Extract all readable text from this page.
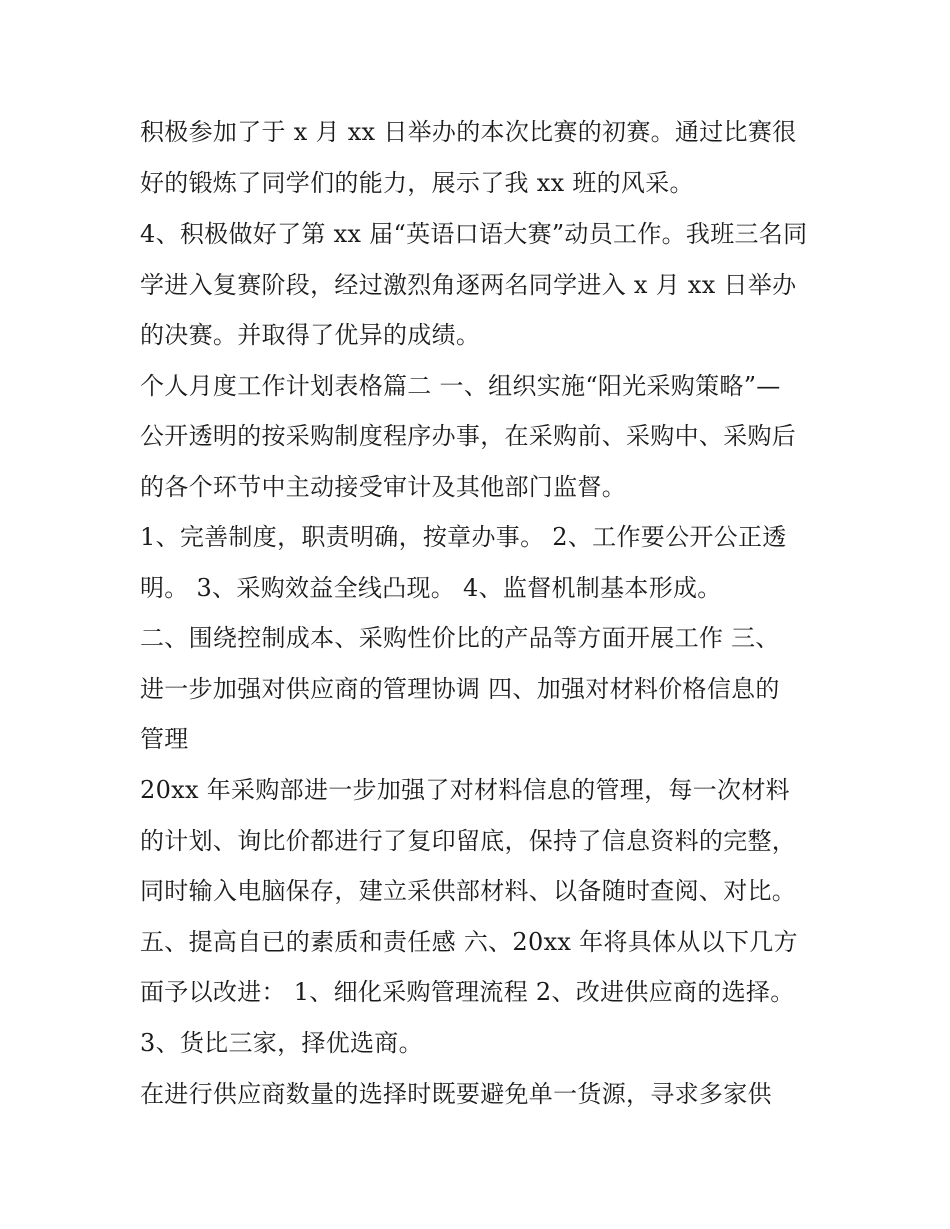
积极参加了于 x 月 xx 日举办的本次比赛的初赛。通过比赛很
好的锻炼了同学们的能力，展示了我 xx 班的风采。
4、积极做好了第 xx 届“英语口语大赛”动员工作。我班三名同
学进入复赛阶段，经过激烈角逐两名同学进入 x 月 xx 日举办
的决赛。并取得了优异的成绩。
个人月度工作计划表格篇二 一、组织实施“阳光采购策略”—
公开透明的按采购制度程序办事，在采购前、采购中、采购后
的各个环节中主动接受审计及其他部门监督。
1、完善制度，职责明确，按章办事。 2、工作要公开公正透
明。 3、采购效益全线凸现。 4、监督机制基本形成。
二、围绕控制成本、采购性价比的产品等方面开展工作 三、
进一步加强对供应商的管理协调 四、加强对材料价格信息的
管理
20xx 年采购部进一步加强了对材料信息的管理，每一次材料
的计划、询比价都进行了复印留底，保持了信息资料的完整，
同时输入电脑保存，建立采供部材料、以备随时查阅、对比。
五、提高自已的素质和责任感 六、20xx 年将具体从以下几方
面予以改进： 1、细化采购管理流程 2、改进供应商的选择。
3、货比三家，择优选商。
在进行供应商数量的选择时既要避免单一货源，寻求多家供
